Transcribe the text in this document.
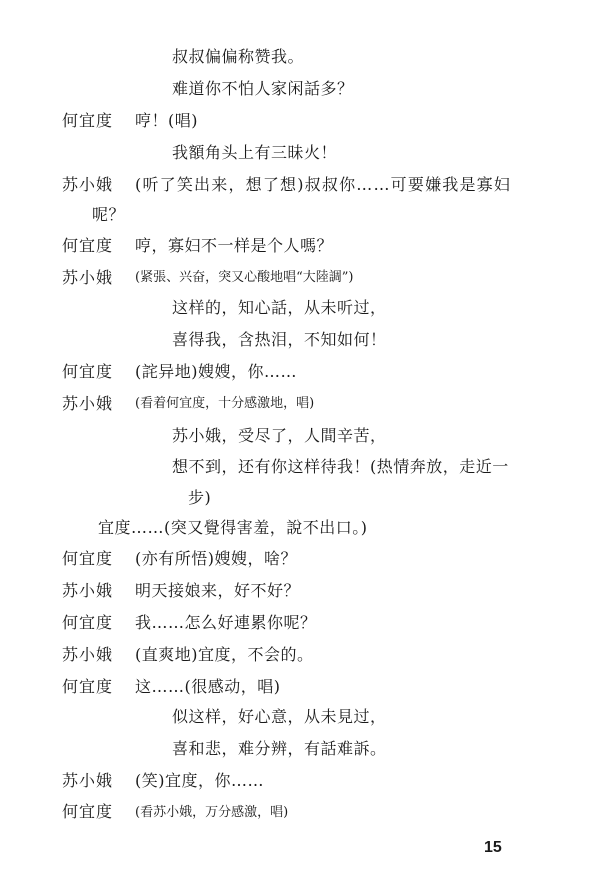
叔叔偏偏称赞我。
难道你不怕人家闲話多？
何宜度 哼！(唱)
我額角头上有三昧火！
苏小娥 (听了笑出来，想了想)叔叔你……可要嫌我是寡妇
呢？
何宜度 哼，寡妇不一样是个人嗎？
苏小娥 (紧張、兴奋，突又心酸地唱“大陸調”)
这样的，知心話，从未听过，
喜得我，含热泪，不知如何！
何宜度 (詫异地)嫂嫂，你……
苏小娥 (看着何宜度，十分感激地，唱)
苏小娥，受尽了，人間辛苦，
想不到，还有你这样待我！(热情奔放，走近一
步)
宜度……(突又覺得害羞，說不出口。)
何宜度 (亦有所悟)嫂嫂，啥？
苏小娥 明天接娘来，好不好？
何宜度 我……怎么好連累你呢？
苏小娥 (直爽地)宜度，不会的。
何宜度 这……(很感动，唱)
似这样，好心意，从未見过，
喜和悲，难分辨，有話难訴。
苏小娥 (笑)宜度，你……
何宜度 (看苏小娥，万分感激，唱)
15
